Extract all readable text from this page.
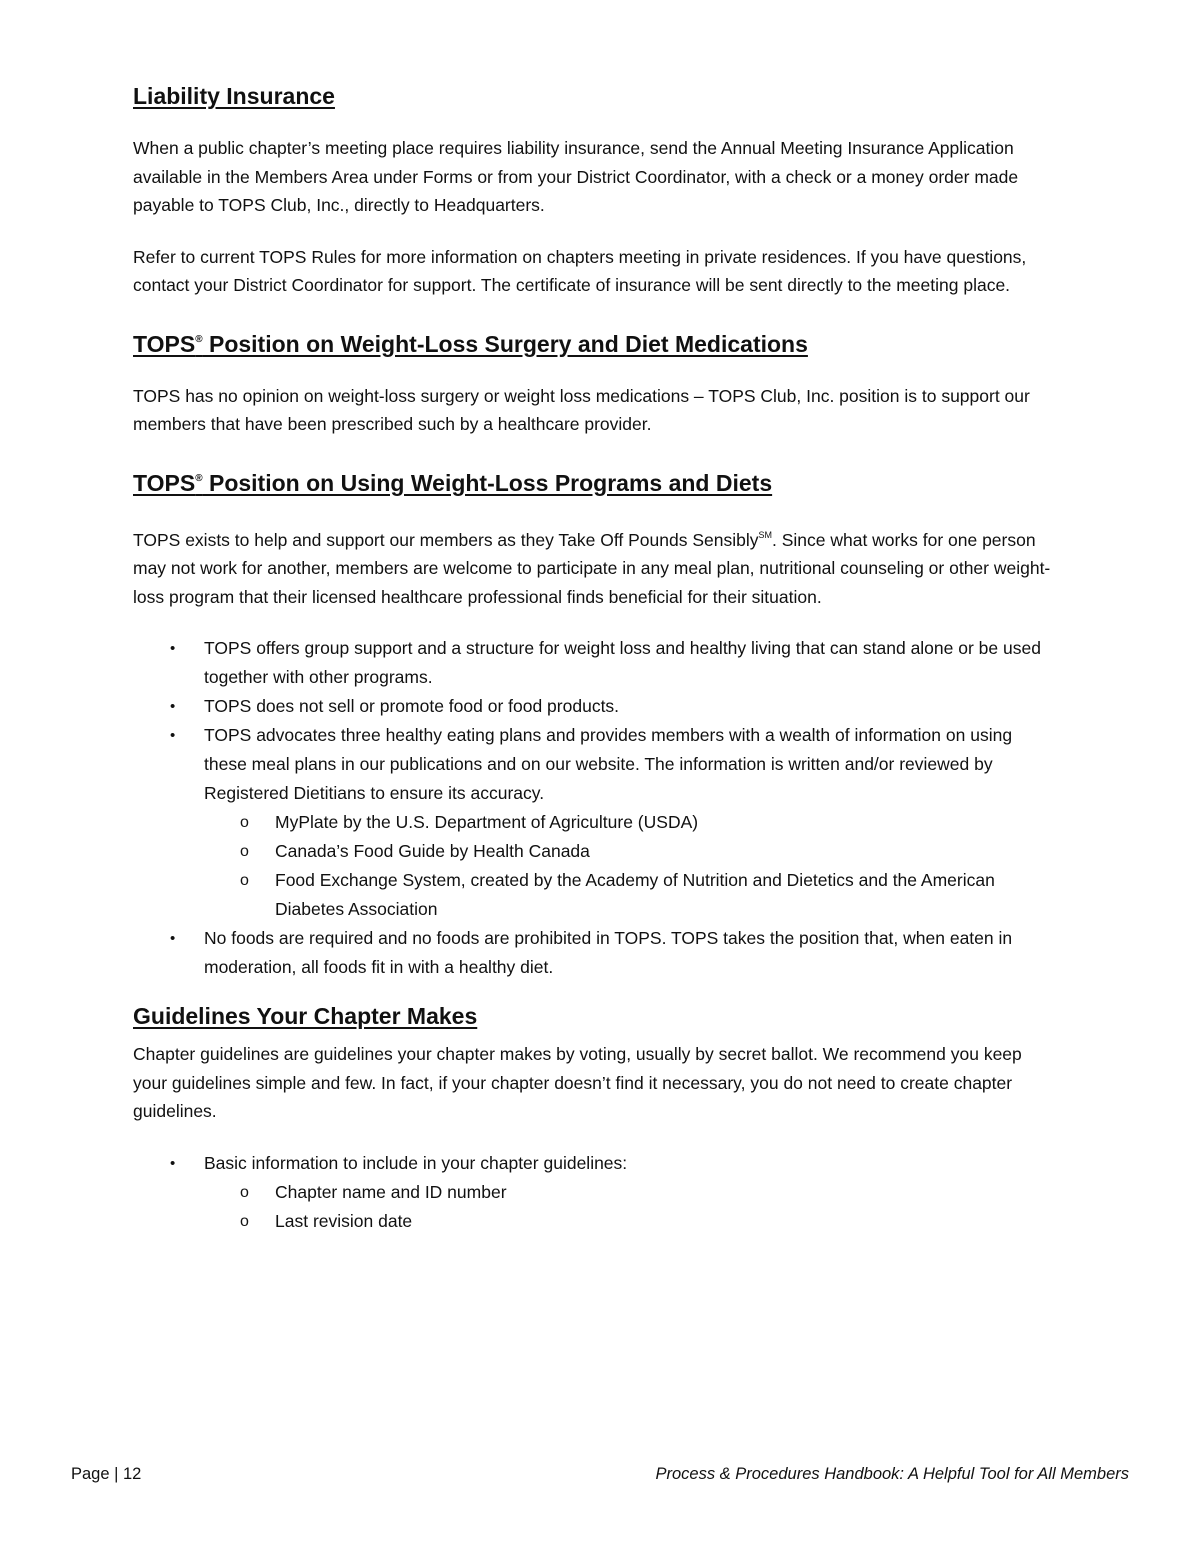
Liability Insurance

When a public chapter’s meeting place requires liability insurance, send the Annual Meeting Insurance Application available in the Members Area under Forms or from your District Coordinator, with a check or a money order made payable to TOPS Club, Inc., directly to Headquarters.

Refer to current TOPS Rules for more information on chapters meeting in private residences. If you have questions, contact your District Coordinator for support. The certificate of insurance will be sent directly to the meeting place.

TOPS® Position on Weight-Loss Surgery and Diet Medications

TOPS has no opinion on weight-loss surgery or weight loss medications – TOPS Club, Inc. position is to support our members that have been prescribed such by a healthcare provider.

TOPS® Position on Using Weight-Loss Programs and Diets

TOPS exists to help and support our members as they Take Off Pounds Sensibly℠. Since what works for one person may not work for another, members are welcome to participate in any meal plan, nutritional counseling or other weight-loss program that their licensed healthcare professional finds beneficial for their situation.

• TOPS offers group support and a structure for weight loss and healthy living that can stand alone or be used together with other programs.
• TOPS does not sell or promote food or food products.
• TOPS advocates three healthy eating plans and provides members with a wealth of information on using these meal plans in our publications and on our website. The information is written and/or reviewed by Registered Dietitians to ensure its accuracy.
o MyPlate by the U.S. Department of Agriculture (USDA)
o Canada’s Food Guide by Health Canada
o Food Exchange System, created by the Academy of Nutrition and Dietetics and the American Diabetes Association
• No foods are required and no foods are prohibited in TOPS. TOPS takes the position that, when eaten in moderation, all foods fit in with a healthy diet.
Guidelines Your Chapter Makes

Chapter guidelines are guidelines your chapter makes by voting, usually by secret ballot. We recommend you keep your guidelines simple and few. In fact, if your chapter doesn’t find it necessary, you do not need to create chapter guidelines.

• Basic information to include in your chapter guidelines:
o Chapter name and ID number
o Last revision date
Page | 12	Process & Procedures Handbook: A Helpful Tool for All Members
